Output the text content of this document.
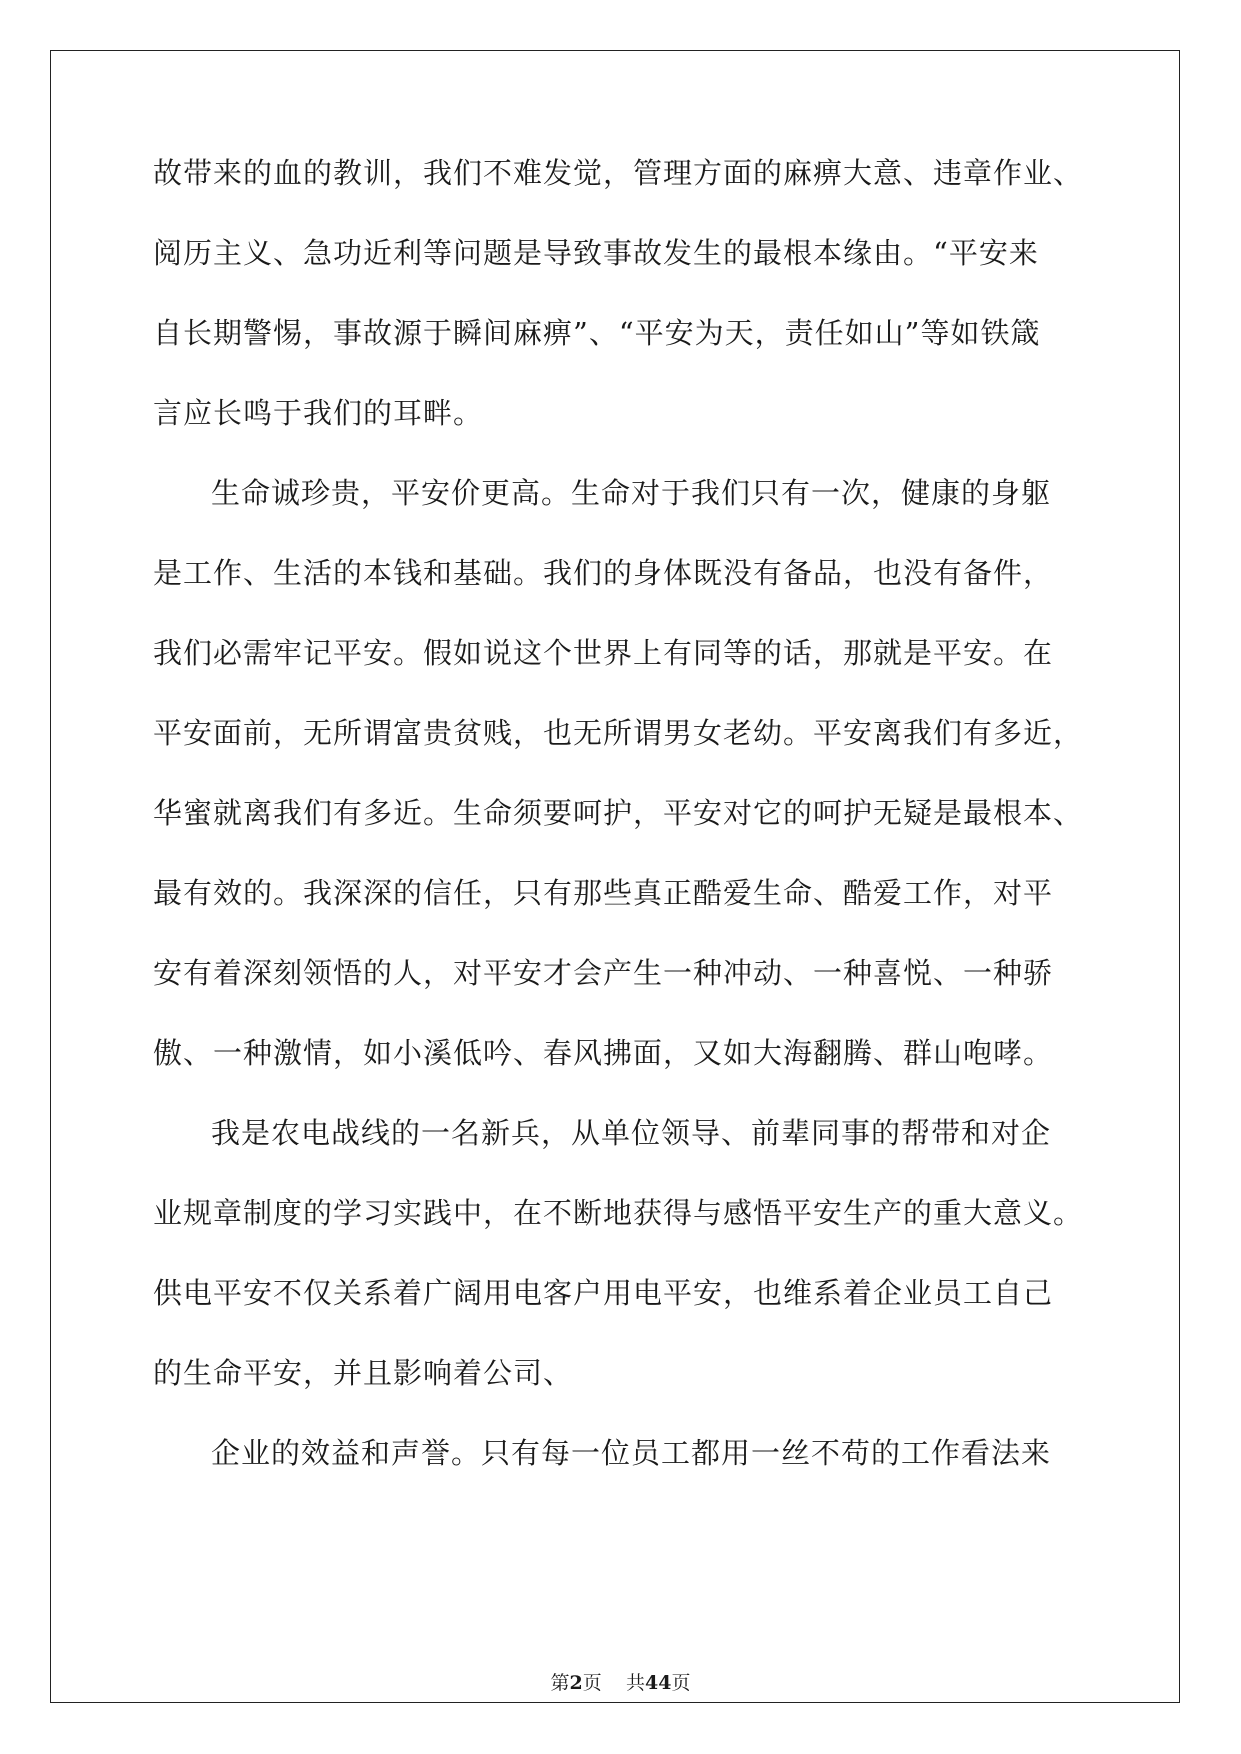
故带来的血的教训，我们不难发觉，管理方面的麻痹大意、违章作业、

阅历主义、急功近利等问题是导致事故发生的最根本缘由。“平安来

自长期警惕，事故源于瞬间麻痹”、“平安为天，责任如山”等如铁箴

言应长鸣于我们的耳畔。

生命诚珍贵，平安价更高。生命对于我们只有一次，健康的身躯

是工作、生活的本钱和基础。我们的身体既没有备品，也没有备件，

我们必需牢记平安。假如说这个世界上有同等的话，那就是平安。在

平安面前，无所谓富贵贫贱，也无所谓男女老幼。平安离我们有多近，

华蜜就离我们有多近。生命须要呵护，平安对它的呵护无疑是最根本、

最有效的。我深深的信任，只有那些真正酷爱生命、酷爱工作，对平

安有着深刻领悟的人，对平安才会产生一种冲动、一种喜悦、一种骄

傲、一种激情，如小溪低吟、春风拂面，又如大海翻腾、群山咆哮。

我是农电战线的一名新兵，从单位领导、前辈同事的帮带和对企

业规章制度的学习实践中，在不断地获得与感悟平安生产的重大意义。

供电平安不仅关系着广阔用电客户用电平安，也维系着企业员工自己

的生命平安，并且影响着公司、

企业的效益和声誉。只有每一位员工都用一丝不苟的工作看法来

第2页 共44页
